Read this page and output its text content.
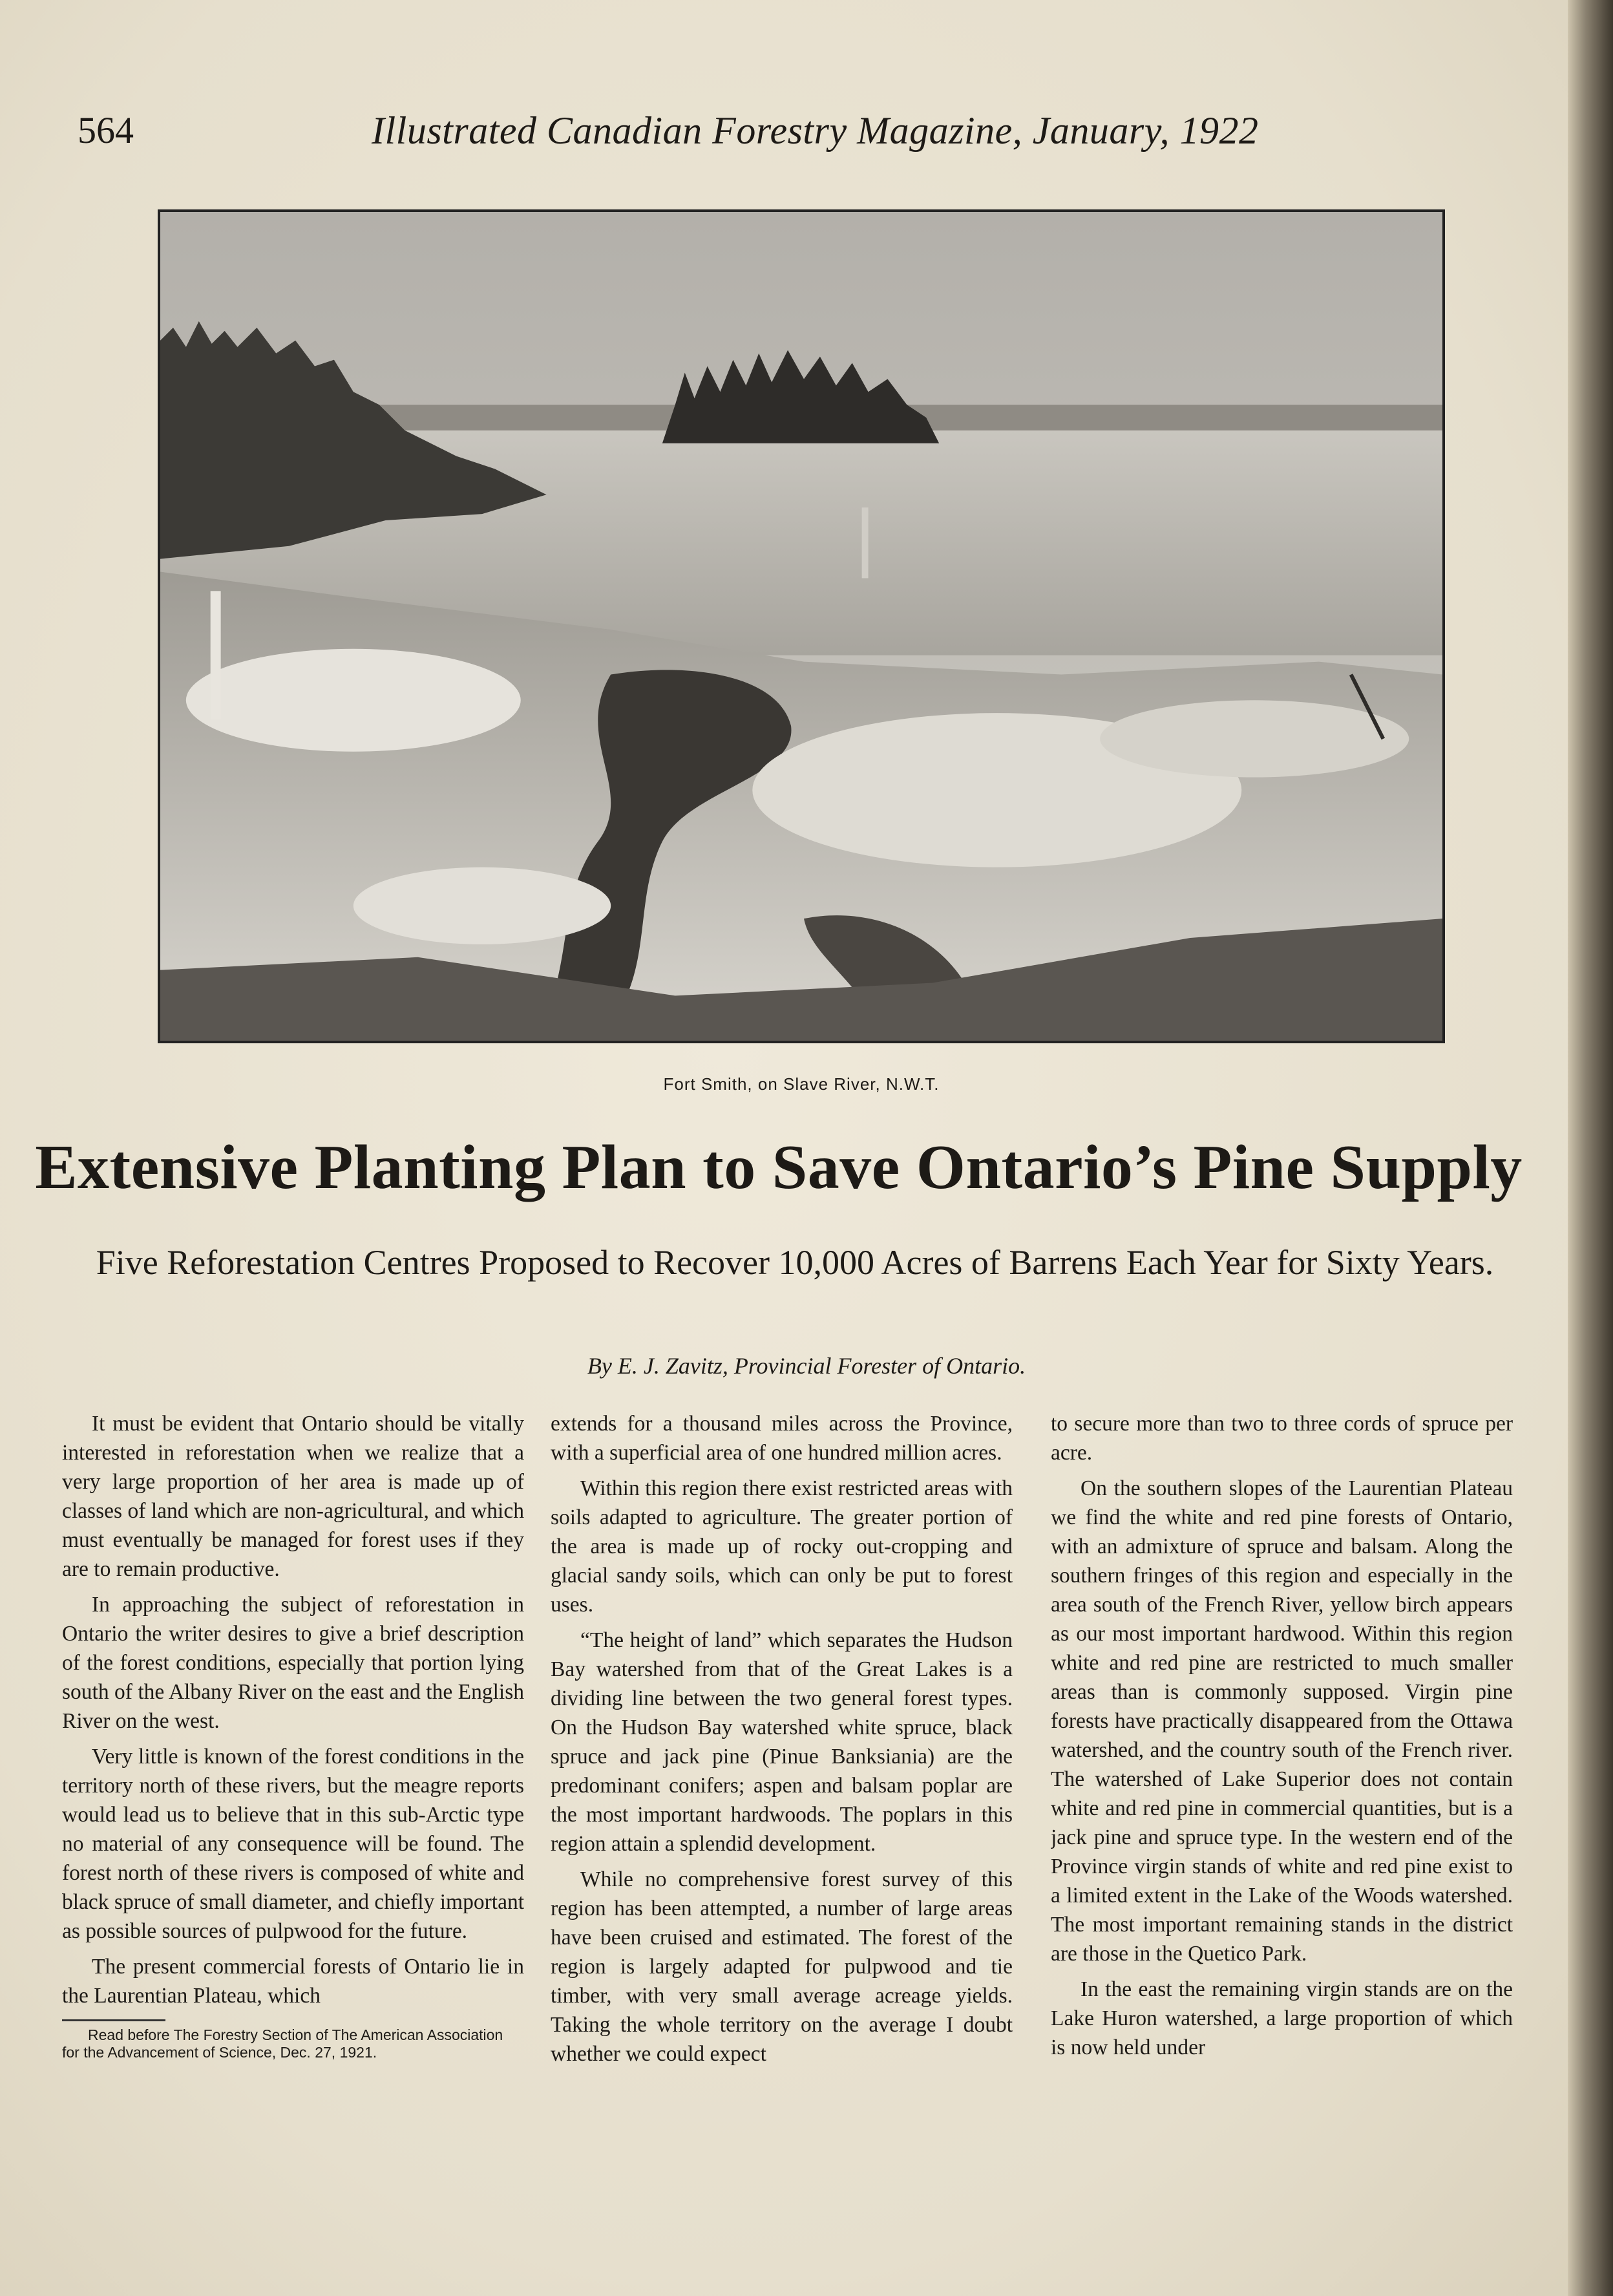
564	Illustrated Canadian Forestry Magazine, January, 1922
Fort Smith, on Slave River, N.W.T.
Extensive Planting Plan to Save Ontario’s Pine Supply
Five Reforestation Centres Proposed to Recover 10,000 Acres of Barrens Each Year for Sixty Years.
By E. J. Zavitz, Provincial Forester of Ontario.

It must be evident that Ontario should be vitally interested in reforestation when we realize that a very large proportion of her area is made up of classes of land which are non-agricultural, and which must eventually be managed for forest uses if they are to remain productive.

In approaching the subject of reforestation in Ontario the writer desires to give a brief description of the forest conditions, especially that portion lying south of the Albany River on the east and the English River on the west.

Very little is known of the forest conditions in the territory north of these rivers, but the meagre reports would lead us to believe that in this sub-Arctic type no material of any consequence will be found. The forest north of these rivers is composed of white and black spruce of small diameter, and chiefly important as possible sources of pulpwood for the future.

The present commercial forests of Ontario lie in the Laurentian Plateau, which

Read before The Forestry Section of The American Association for the Advancement of Science, Dec. 27, 1921.

extends for a thousand miles across the Province, with a superficial area of one hundred million acres.

Within this region there exist restricted areas with soils adapted to agriculture. The greater portion of the area is made up of rocky out-cropping and glacial sandy soils, which can only be put to forest uses.

“The height of land” which separates the Hudson Bay watershed from that of the Great Lakes is a dividing line between the two general forest types. On the Hudson Bay watershed white spruce, black spruce and jack pine (Pinue Banksiania) are the predominant conifers; aspen and balsam poplar are the most important hardwoods. The poplars in this region attain a splendid development.

While no comprehensive forest survey of this region has been attempted, a number of large areas have been cruised and estimated. The forest of the region is largely adapted for pulpwood and tie timber, with very small average acreage yields. Taking the whole territory on the average I doubt whether we could expect

to secure more than two to three cords of spruce per acre.

On the southern slopes of the Laurentian Plateau we find the white and red pine forests of Ontario, with an admixture of spruce and balsam. Along the southern fringes of this region and especially in the area south of the French River, yellow birch appears as our most important hardwood. Within this region white and red pine are restricted to much smaller areas than is commonly supposed. Virgin pine forests have practically disappeared from the Ottawa watershed, and the country south of the French river. The watershed of Lake Superior does not contain white and red pine in commercial quantities, but is a jack pine and spruce type. In the western end of the Province virgin stands of white and red pine exist to a limited extent in the Lake of the Woods watershed. The most important remaining stands in the district are those in the Quetico Park.

In the east the remaining virgin stands are on the Lake Huron watershed, a large proportion of which is now held under
